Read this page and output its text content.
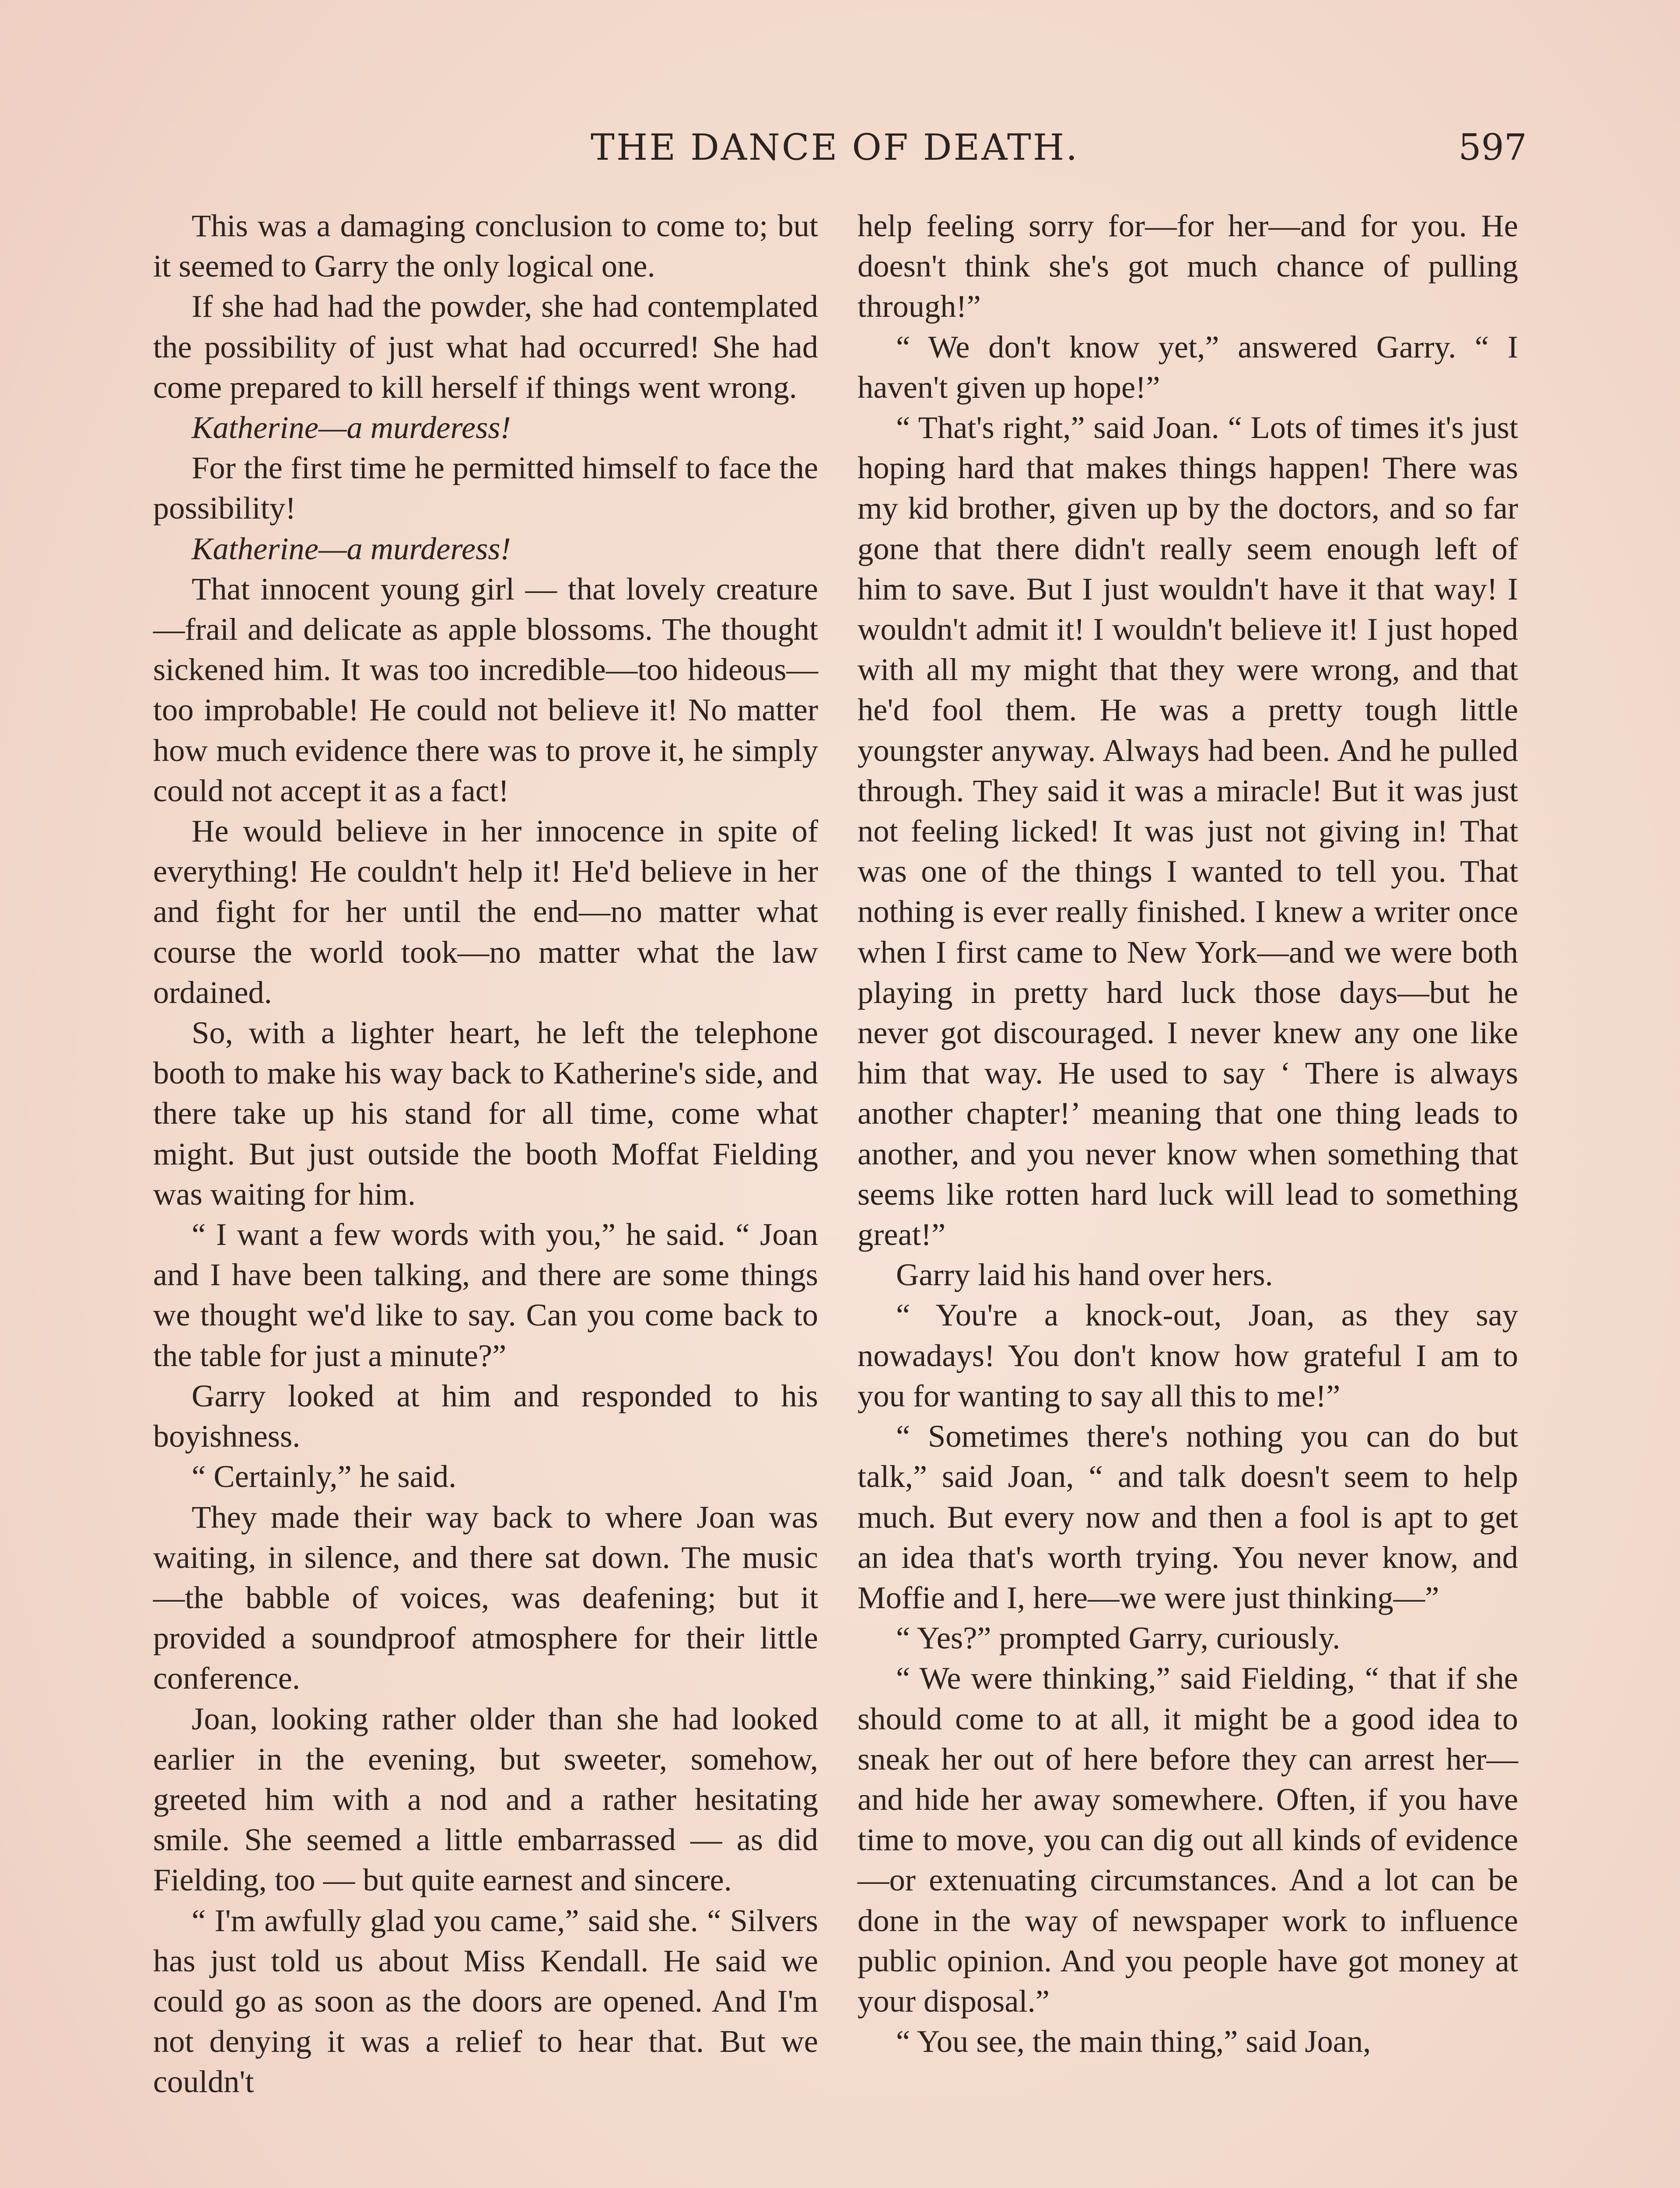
THE DANCE OF DEATH.	597

This was a damaging conclusion to come to; but it seemed to Garry the only logical one.

If she had had the powder, she had contemplated the possibility of just what had occurred! She had come prepared to kill herself if things went wrong.

Katherine—a murderess!

For the first time he permitted himself to face the possibility!

Katherine—a murderess!

That innocent young girl — that lovely creature—frail and delicate as apple blossoms. The thought sickened him. It was too incredible—too hideous—too improbable! He could not believe it! No matter how much evidence there was to prove it, he simply could not accept it as a fact!

He would believe in her innocence in spite of everything! He couldn't help it! He'd believe in her and fight for her until the end—no matter what course the world took—no matter what the law ordained.

So, with a lighter heart, he left the telephone booth to make his way back to Katherine's side, and there take up his stand for all time, come what might. But just outside the booth Moffat Fielding was waiting for him.

“ I want a few words with you,” he said. “ Joan and I have been talking, and there are some things we thought we'd like to say. Can you come back to the table for just a minute?”

Garry looked at him and responded to his boyishness.

“ Certainly,” he said.

They made their way back to where Joan was waiting, in silence, and there sat down. The music—the babble of voices, was deafening; but it provided a soundproof atmosphere for their little conference.

Joan, looking rather older than she had looked earlier in the evening, but sweeter, somehow, greeted him with a nod and a rather hesitating smile. She seemed a little embarrassed — as did Fielding, too — but quite earnest and sincere.

“ I'm awfully glad you came,” said she. “ Silvers has just told us about Miss Kendall. He said we could go as soon as the doors are opened. And I'm not denying it was a relief to hear that. But we couldn't

help feeling sorry for—for her—and for you. He doesn't think she's got much chance of pulling through!”

“ We don't know yet,” answered Garry. “ I haven't given up hope!”

“ That's right,” said Joan. “ Lots of times it's just hoping hard that makes things happen! There was my kid brother, given up by the doctors, and so far gone that there didn't really seem enough left of him to save. But I just wouldn't have it that way! I wouldn't admit it! I wouldn't believe it! I just hoped with all my might that they were wrong, and that he'd fool them. He was a pretty tough little youngster anyway. Always had been. And he pulled through. They said it was a miracle! But it was just not feeling licked! It was just not giving in! That was one of the things I wanted to tell you. That nothing is ever really finished. I knew a writer once when I first came to New York—and we were both playing in pretty hard luck those days—but he never got discouraged. I never knew any one like him that way. He used to say ‘ There is always another chapter!’ meaning that one thing leads to another, and you never know when something that seems like rotten hard luck will lead to something great!”

Garry laid his hand over hers.

“ You're a knock-out, Joan, as they say nowadays! You don't know how grateful I am to you for wanting to say all this to me!”

“ Sometimes there's nothing you can do but talk,” said Joan, “ and talk doesn't seem to help much. But every now and then a fool is apt to get an idea that's worth trying. You never know, and Moffie and I, here—we were just thinking—”

“ Yes?” prompted Garry, curiously.

“ We were thinking,” said Fielding, “ that if she should come to at all, it might be a good idea to sneak her out of here before they can arrest her—and hide her away somewhere. Often, if you have time to move, you can dig out all kinds of evidence —or extenuating circumstances. And a lot can be done in the way of newspaper work to influence public opinion. And you people have got money at your disposal.”

“ You see, the main thing,” said Joan,
